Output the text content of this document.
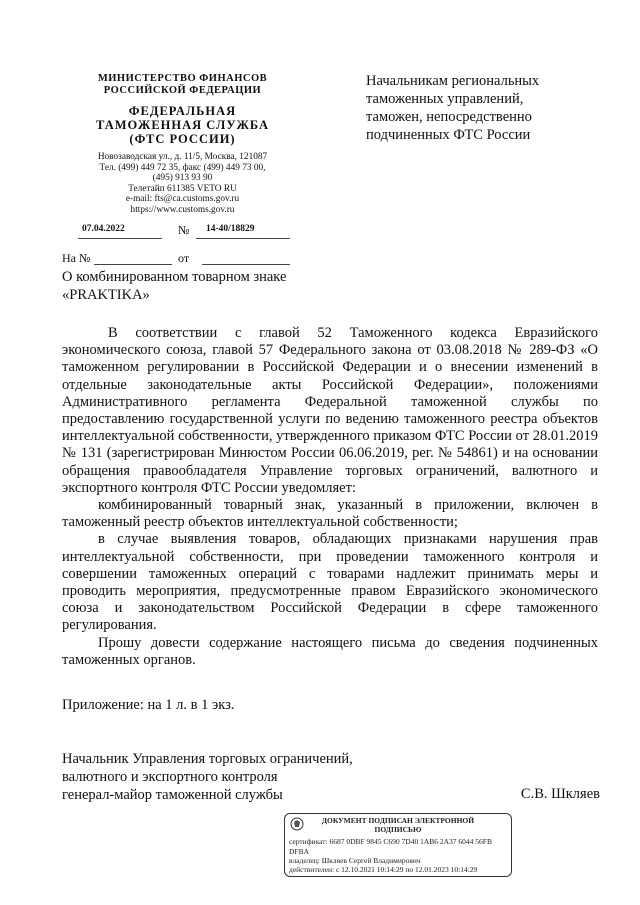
МИНИСТЕРСТВО ФИНАНСОВ
РОССИЙСКОЙ ФЕДЕРАЦИИ
ФЕДЕРАЛЬНАЯ
ТАМОЖЕННАЯ СЛУЖБА
(ФТС РОССИИ)
Новозаводская ул., д. 11/5, Москва, 121087
Тел. (499) 449 72 35, факс (499) 449 73 00,
(495) 913 93 90
Телетайп 611385 VETO RU
e-mail: fts@ca.customs.gov.ru
https://www.customs.gov.ru
07.04.2022	№ 14-40/18829
На №	от
О комбинированном товарном знаке
«PRAKTIKA»
Начальникам региональных
таможенных управлений,
таможен, непосредственно
подчиненных ФТС России

В соответствии с главой 52 Таможенного кодекса Евразийского экономического союза, главой 57 Федерального закона от 03.08.2018 № 289-ФЗ «О таможенном регулировании в Российской Федерации и о внесении изменений в отдельные законодательные акты Российской Федерации», положениями Административного регламента Федеральной таможенной службы по предоставлению государственной услуги по ведению таможенного реестра объектов интеллектуальной собственности, утвержденного приказом ФТС России от 28.01.2019 № 131 (зарегистрирован Минюстом России 06.06.2019, рег. № 54861) и на основании обращения правообладателя Управление торговых ограничений, валютного и экспортного контроля ФТС России уведомляет:

комбинированный товарный знак, указанный в приложении, включен в таможенный реестр объектов интеллектуальной собственности;

в случае выявления товаров, обладающих признаками нарушения прав интеллектуальной собственности, при проведении таможенного контроля и совершении таможенных операций с товарами надлежит принимать меры и проводить мероприятия, предусмотренные правом Евразийского экономического союза и законодательством Российской Федерации в сфере таможенного регулирования.

Прошу довести содержание настоящего письма до сведения подчиненных таможенных органов.

Приложение: на 1 л. в 1 экз.
Начальник Управления торговых ограничений,
валютного и экспортного контроля
генерал-майор таможенной службы	С.В. Шкляев
ДОКУМЕНТ ПОДПИСАН ЭЛЕКТРОННОЙ
ПОДПИСЬЮ
сертификат: 6687 0DBF 9845 C690 7D40 1AB6 2A37 6044 56FB DFBA
владелец: Шкляев Сергей Владимирович
действителен: с 12.10.2021 10:14:29 по 12.01.2023 10:14:29
